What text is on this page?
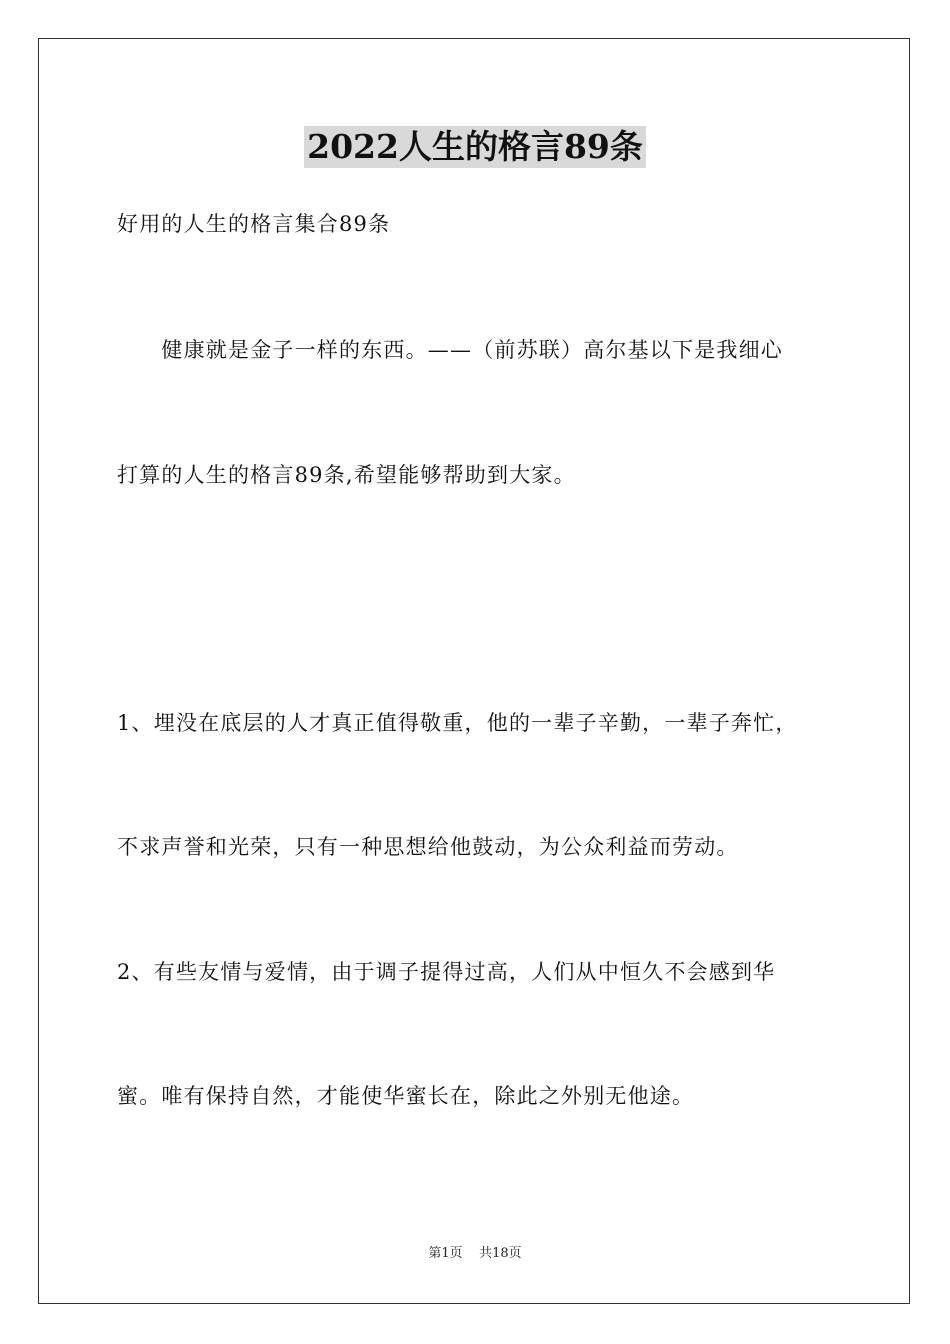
2022人生的格言89条
好用的人生的格言集合89条
　　健康就是金子一样的东西。——（前苏联）高尔基以下是我细心
打算的人生的格言89条,希望能够帮助到大家。
1、埋没在底层的人才真正值得敬重，他的一辈子辛勤，一辈子奔忙，
不求声誉和光荣，只有一种思想给他鼓动，为公众利益而劳动。
2、有些友情与爱情，由于调子提得过高，人们从中恒久不会感到华
蜜。唯有保持自然，才能使华蜜长在，除此之外别无他途。
第1页 共18页
